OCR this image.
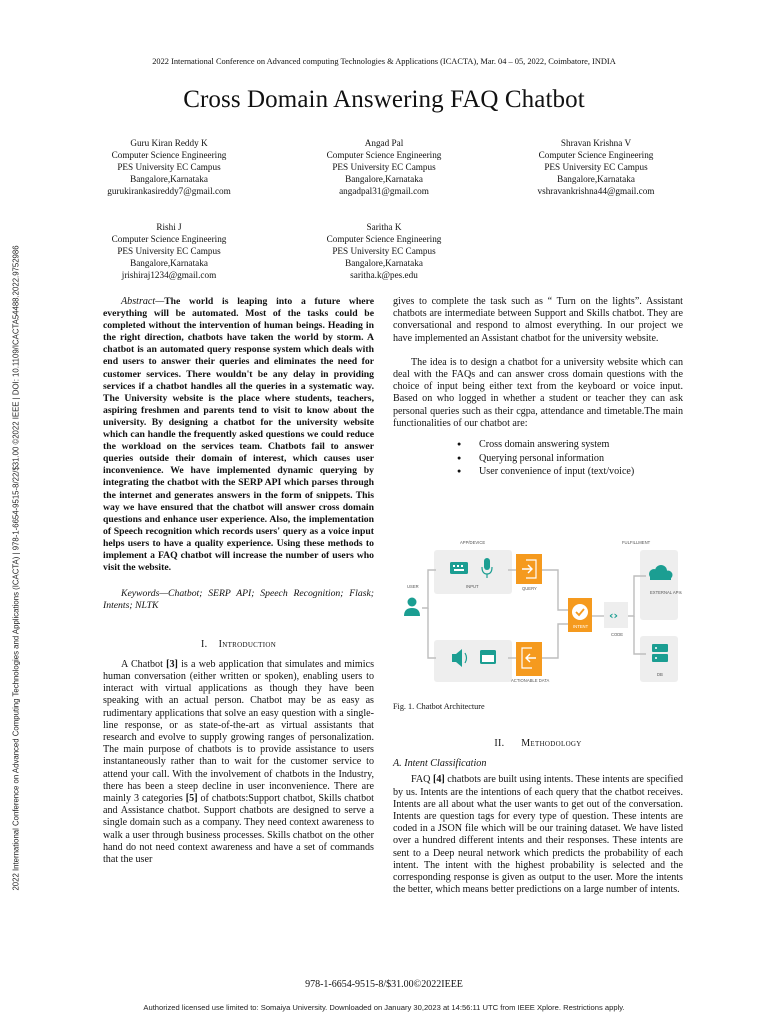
2022 International Conference on Advanced computing Technologies & Applications (ICACTA), Mar. 04 – 05, 2022, Coimbatore, INDIA
Cross Domain Answering FAQ Chatbot
Guru Kiran Reddy K
Computer Science Engineering
PES University EC Campus
Bangalore,Karnataka
gurukirankasireddy7@gmail.com
Angad Pal
Computer Science Engineering
PES University EC Campus
Bangalore,Karnataka
angadpal31@gmail.com
Shravan Krishna V
Computer Science Engineering
PES University EC Campus
Bangalore,Karnataka
vshravankrishna44@gmail.com
Rishi J
Computer Science Engineering
PES University EC Campus
Bangalore,Karnataka
jrishiraj1234@gmail.com
Saritha K
Computer Science Engineering
PES University EC Campus
Bangalore,Karnataka
saritha.k@pes.edu
2022 International Conference on Advanced Computing Technologies and Applications (ICACTA) | 978-1-6654-9515-8/22/$31.00 ©2022 IEEE | DOI: 10.1109/ICACTA54488.2022.9752986	Abstract—The world is leaping into a future where everything will be automated. Most of the tasks could be completed without the intervention of human beings. Heading in the right direction, chatbots have taken the world by storm. A chatbot is an automated query response system which deals with end users to answer their queries and eliminates the need for customer services. There wouldn't be any delay in providing services if a chatbot handles all the queries in a systematic way. The University website is the place where students, teachers, aspiring freshmen and parents tend to visit to know about the university. By designing a chatbot for the university website which can handle the frequently asked questions we could reduce the workload on the services team. Chatbots fail to answer queries outside their domain of interest, which causes user inconvenience. We have implemented dynamic querying by integrating the chatbot with the SERP API which parses through the internet and generates answers in the form of snippets. This way we have ensured that the chatbot will answer cross domain questions and enhance user experience. Also, the implementation of Speech recognition which records users' query as a voice input helps users to have a quality experience. Using these methods to implement a FAQ chatbot will increase the number of users who visit the website.

Keywords—Chatbot; SERP API; Speech Recognition; Flask; Intents; NLTK

I. Introduction

A Chatbot [3] is a web application that simulates and mimics human conversation (either written or spoken), enabling users to interact with virtual applications as though they have been speaking with an actual person. Chatbot may be as easy as rudimentary applications that solve an easy question with a single-line response, or as state-of-the-art as virtual assistants that research and evolve to supply growing ranges of personalization. The main purpose of chatbots is to provide assistance to users instantaneously rather than to wait for the customer service to attend your call. With the involvement of chatbots in the Industry, there has been a steep decline in user inconvenience. There are mainly 3 categories [5] of chatbots:Support chatbot, Skills chatbot and Assistance chatbot. Support chatbots are designed to serve a single domain such as a company. They need context awareness to walk a user through business processes. Skills chatbot on the other hand do not need context awareness and have a set of commands that the user

gives to complete the task such as “ Turn on the lights”. Assistant chatbots are intermediate between Support and Skills chatbot. They are conversational and respond to almost everything. In our project we have implemented an Assistant chatbot for the university website.

The idea is to design a chatbot for a university website which can deal with the FAQs and can answer cross domain questions with the choice of input being either text from the keyboard or voice input. Based on who logged in whether a student or teacher they can ask personal queries such as their cgpa, attendance and timetable.The main functionalities of our chatbot are:

● Cross domain answering system
● Querying personal information
● User convenience of input (text/voice)
USER
APP/DEVICE
INPUT	QUERY
INTENT
‹›
CODE
FULFILLMENT
EXTERNAL APIs
DB
ACTIONABLE DATA
Fig. 1. Chatbot Architecture
II. Methodology
A. Intent Classification

FAQ [4] chatbots are built using intents. These intents are specified by us. Intents are the intentions of each query that the chatbot receives. Intents are all about what the user wants to get out of the conversation. Intents are question tags for every type of question. These intents are coded in a JSON file which will be our training dataset. We have listed over a hundred different intents and their responses. These intents are sent to a Deep neural network which predicts the probability of each intent. The intent with the highest probability is selected and the corresponding response is given as output to the user. More the intents the better, which means better predictions on a large number of intents.

978-1-6654-9515-8/$31.00©2022IEEE
Authorized licensed use limited to: Somaiya University. Downloaded on January 30,2023 at 14:56:11 UTC from IEEE Xplore. Restrictions apply.
